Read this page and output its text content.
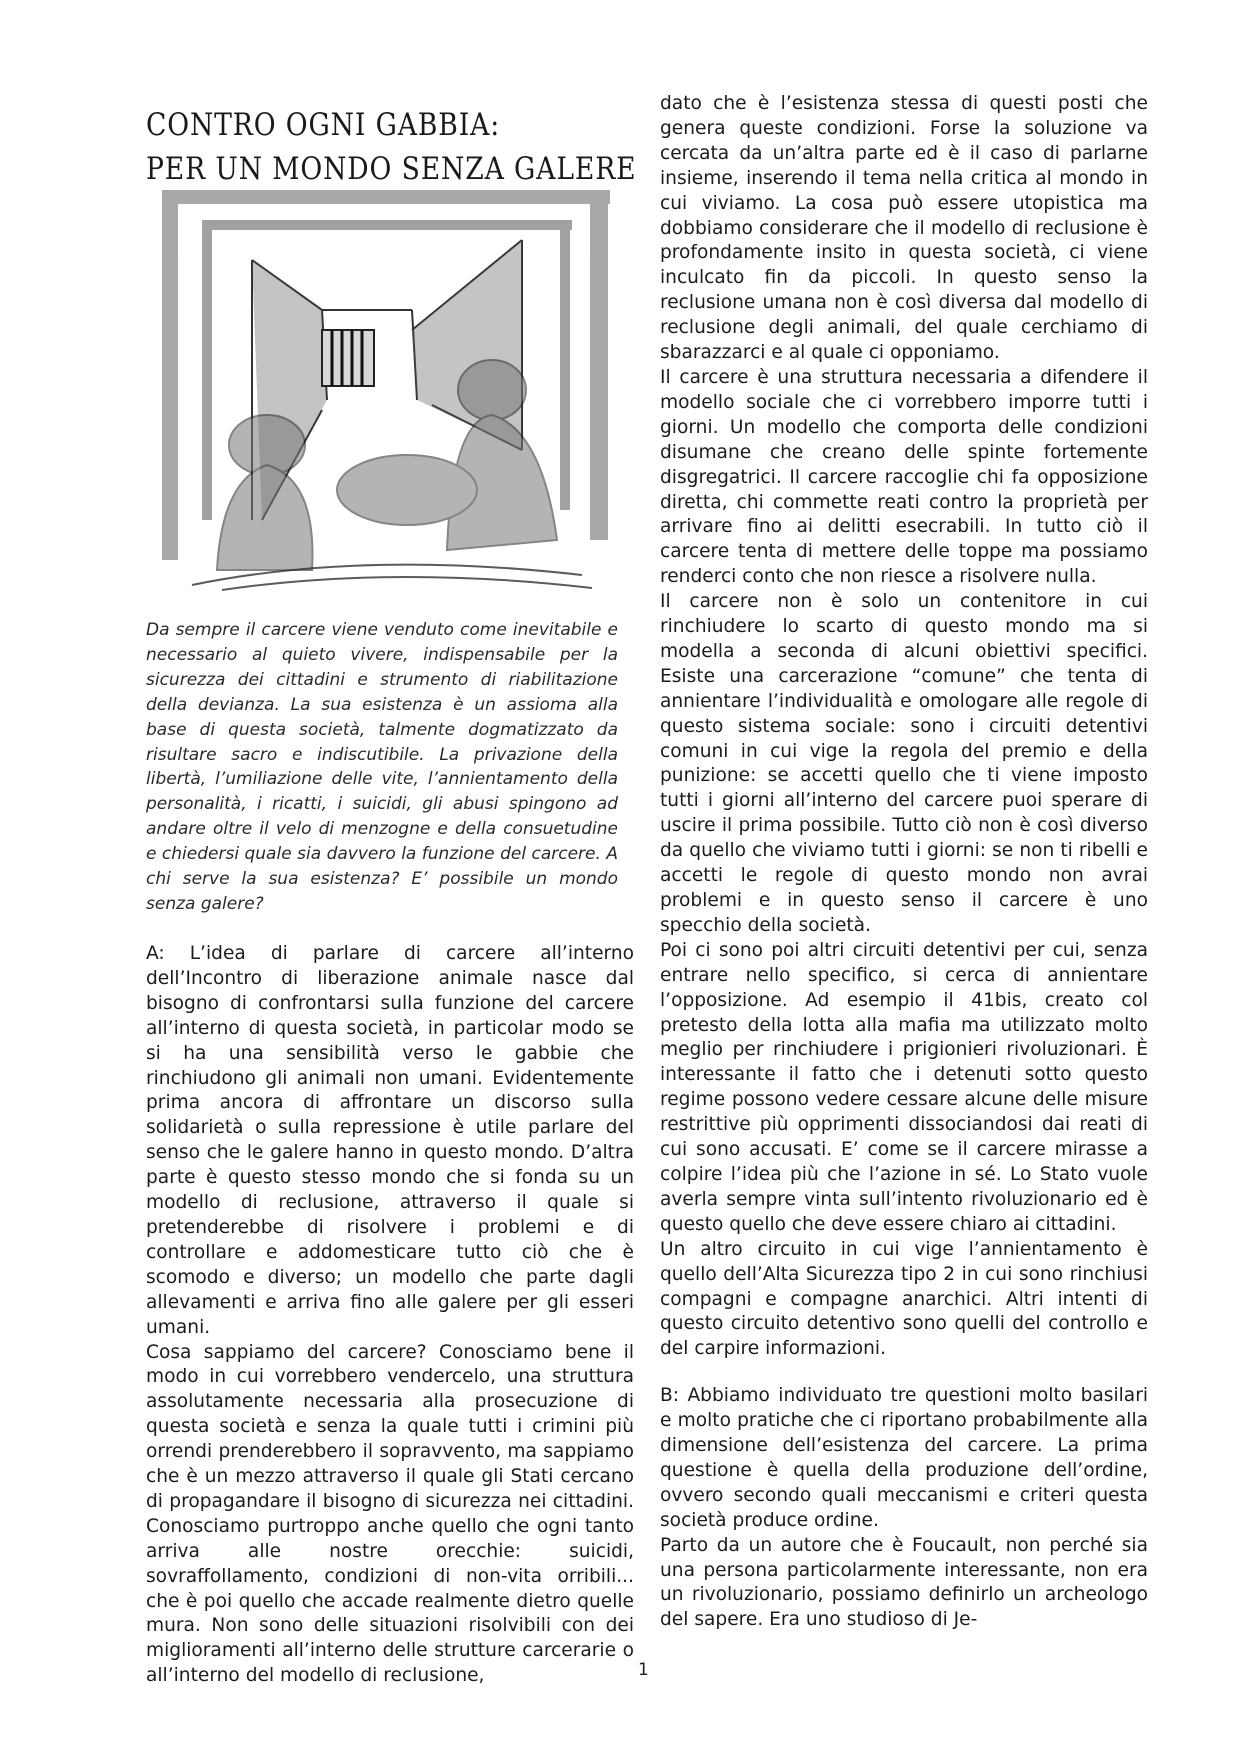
CONTRO OGNI GABBIA:
PER UN MONDO SENZA GALERE

Da sempre il carcere viene venduto come inevitabile e necessario al quieto vivere, indispensabile per la sicurezza dei cittadini e strumento di riabilitazione della devianza. La sua esistenza è un assioma alla base di questa società, talmente dogmatizzato da risultare sacro e indiscutibile. La privazione della libertà, l’umiliazione delle vite, l’annientamento della personalità, i ricatti, i suicidi, gli abusi spingono ad andare oltre il velo di menzogne e della consuetudine e chiedersi quale sia davvero la funzione del carcere. A chi serve la sua esistenza? E’ possibile un mondo senza galere?

A: L’idea di parlare di carcere all’interno dell’Incontro di liberazione animale nasce dal bisogno di confrontarsi sulla funzione del carcere all’interno di questa società, in particolar modo se si ha una sensibilità verso le gabbie che rinchiudono gli animali non umani. Evidentemente prima ancora di affrontare un discorso sulla solidarietà o sulla repressione è utile parlare del senso che le galere hanno in questo mondo. D’altra parte è questo stesso mondo che si fonda su un modello di reclusione, attraverso il quale si pretenderebbe di risolvere i problemi e di controllare e addomesticare tutto ciò che è scomodo e diverso; un modello che parte dagli allevamenti e arriva fino alle galere per gli esseri umani.

Cosa sappiamo del carcere? Conosciamo bene il modo in cui vorrebbero vendercelo, una struttura assolutamente necessaria alla prosecuzione di questa società e senza la quale tutti i crimini più orrendi prenderebbero il sopravvento, ma sappiamo che è un mezzo attraverso il quale gli Stati cercano di propagandare il bisogno di sicurezza nei cittadini. Conosciamo purtroppo anche quello che ogni tanto arriva alle nostre orecchie: suicidi, sovraffollamento, condizioni di non-vita orribili... che è poi quello che accade realmente dietro quelle mura. Non sono delle situazioni risolvibili con dei miglioramenti all’interno delle strutture carcerarie o all’interno del modello di reclusione,

dato che è l’esistenza stessa di questi posti che genera queste condizioni. Forse la soluzione va cercata da un’altra parte ed è il caso di parlarne insieme, inserendo il tema nella critica al mondo in cui viviamo. La cosa può essere utopistica ma dobbiamo considerare che il modello di reclusione è profondamente insito in questa società, ci viene inculcato fin da piccoli. In questo senso la reclusione umana non è così diversa dal modello di reclusione degli animali, del quale cerchiamo di sbarazzarci e al quale ci opponiamo.

Il carcere è una struttura necessaria a difendere il modello sociale che ci vorrebbero imporre tutti i giorni. Un modello che comporta delle condizioni disumane che creano delle spinte fortemente disgregatrici. Il carcere raccoglie chi fa opposizione diretta, chi commette reati contro la proprietà per arrivare fino ai delitti esecrabili. In tutto ciò il carcere tenta di mettere delle toppe ma possiamo renderci conto che non riesce a risolvere nulla.

Il carcere non è solo un contenitore in cui rinchiudere lo scarto di questo mondo ma si modella a seconda di alcuni obiettivi specifici. Esiste una carcerazione “comune” che tenta di annientare l’individualità e omologare alle regole di questo sistema sociale: sono i circuiti detentivi comuni in cui vige la regola del premio e della punizione: se accetti quello che ti viene imposto tutti i giorni all’interno del carcere puoi sperare di uscire il prima possibile. Tutto ciò non è così diverso da quello che viviamo tutti i giorni: se non ti ribelli e accetti le regole di questo mondo non avrai problemi e in questo senso il carcere è uno specchio della società.

Poi ci sono poi altri circuiti detentivi per cui, senza entrare nello specifico, si cerca di annientare l’opposizione. Ad esempio il 41bis, creato col pretesto della lotta alla mafia ma utilizzato molto meglio per rinchiudere i prigionieri rivoluzionari. È interessante il fatto che i detenuti sotto questo regime possono vedere cessare alcune delle misure restrittive più opprimenti dissociandosi dai reati di cui sono accusati. E’ come se il carcere mirasse a colpire l’idea più che l’azione in sé. Lo Stato vuole averla sempre vinta sull’intento rivoluzionario ed è questo quello che deve essere chiaro ai cittadini.

Un altro circuito in cui vige l’annientamento è quello dell’Alta Sicurezza tipo 2 in cui sono rinchiusi compagni e compagne anarchici. Altri intenti di questo circuito detentivo sono quelli del controllo e del carpire informazioni.

B: Abbiamo individuato tre questioni molto basilari e molto pratiche che ci riportano probabilmente alla dimensione dell’esistenza del carcere. La prima questione è quella della produzione dell’ordine, ovvero secondo quali meccanismi e criteri questa società produce ordine.

Parto da un autore che è Foucault, non perché sia una persona particolarmente interessante, non era un rivoluzionario, possiamo definirlo un archeologo del sapere. Era uno studioso di Je-

1
